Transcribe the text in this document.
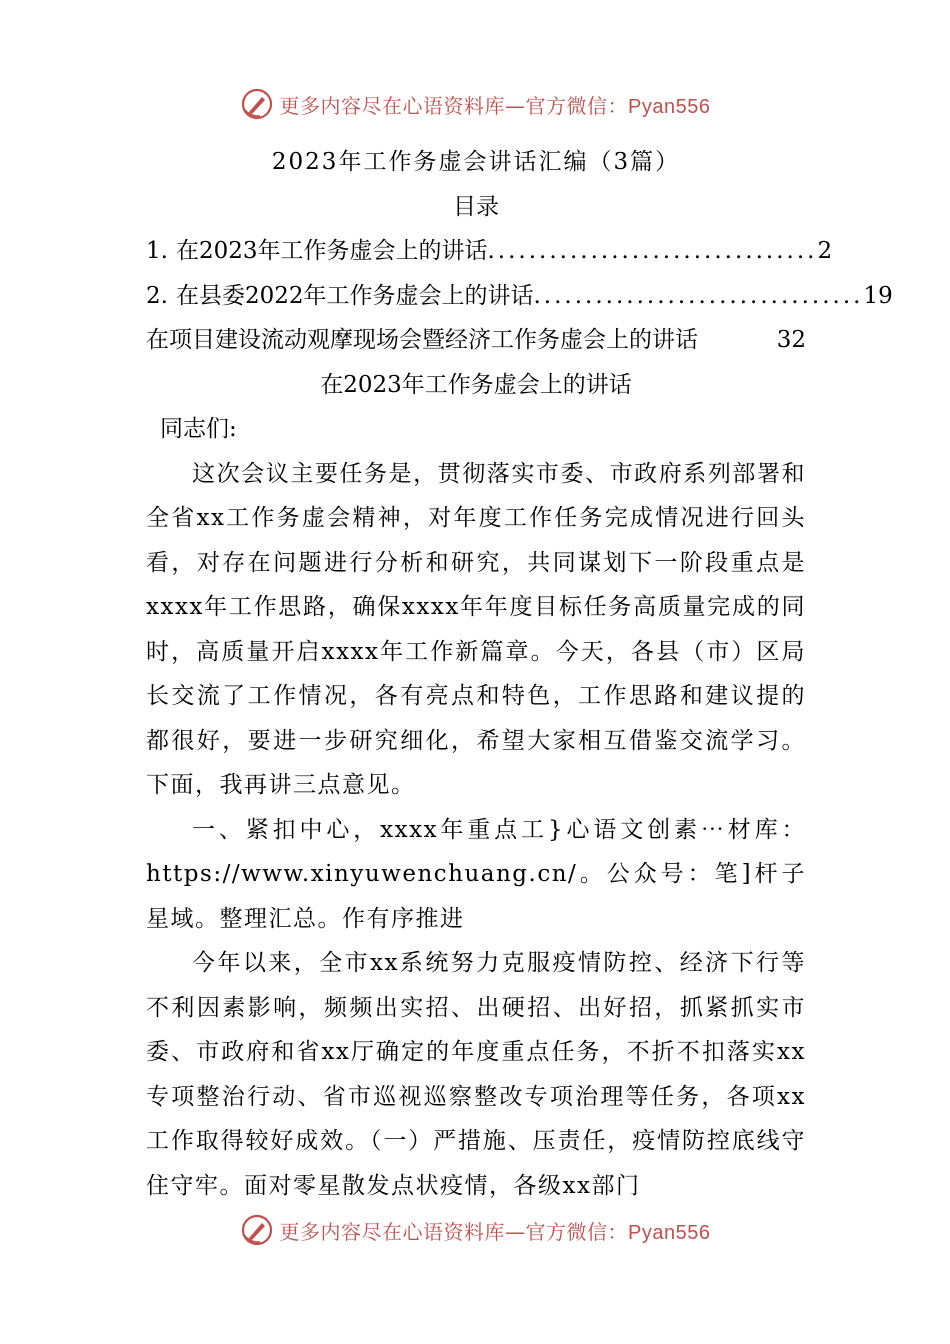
更多内容尽在心语资料库—官方微信：Pyan556
2023年工作务虚会讲话汇编（3篇）
目录
1. 在2023年工作务虚会上的讲话 ................................ 2
2. 在县委2022年工作务虚会上的讲话 ................................ 19
在项目建设流动观摩现场会暨经济工作务虚会上的讲话	32
在2023年工作务虚会上的讲话

同志们:

这次会议主要任务是，贯彻落实市委、市政府系列部署和全省xx工作务虚会精神，对年度工作任务完成情况进行回头看，对存在问题进行分析和研究，共同谋划下一阶段重点是xxxx年工作思路，确保xxxx年年度目标任务高质量完成的同时，高质量开启xxxx年工作新篇章。今天，各县（市）区局长交流了工作情况，各有亮点和特色，工作思路和建议提的都很好，要进一步研究细化，希望大家相互借鉴交流学习。下面，我再讲三点意见。

一、紧扣中心，xxxx年重点工}心语文创素⋯材库：https://www.xinyuwenchuang.cn/。公众号：笔]杆子星域。整理汇总。作有序推进

今年以来，全市xx系统努力克服疫情防控、经济下行等不利因素影响，频频出实招、出硬招、出好招，抓紧抓实市委、市政府和省xx厅确定的年度重点任务，不折不扣落实xx专项整治行动、省市巡视巡察整改专项治理等任务，各项xx工作取得较好成效。（一）严措施、压责任，疫情防控底线守住守牢。面对零星散发点状疫情，各级xx部门

更多内容尽在心语资料库—官方微信：Pyan556
